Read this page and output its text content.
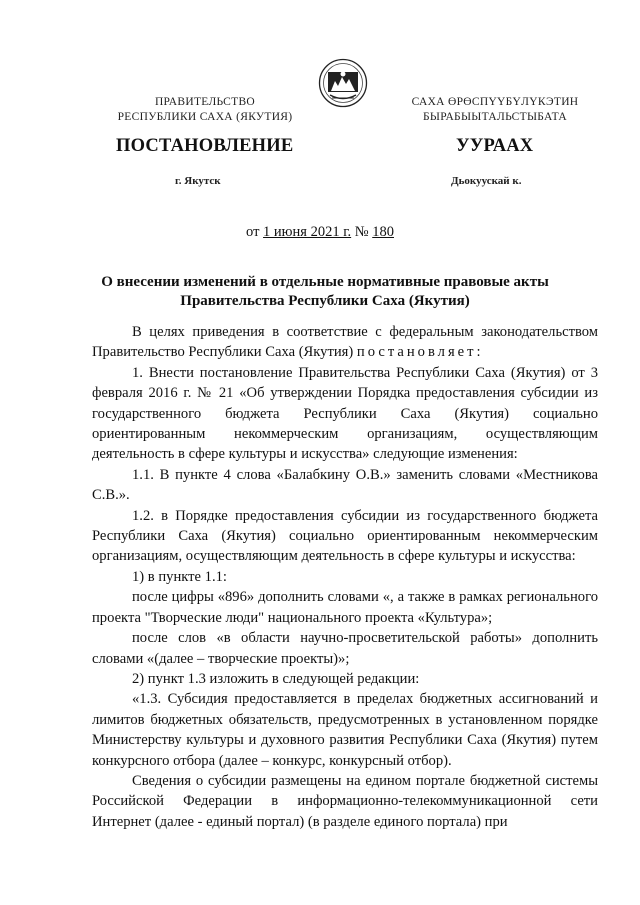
ПРАВИТЕЛЬСТВО
РЕСПУБЛИКИ САХА (ЯКУТИЯ)
САХА ӨРӨСПҮҮБҮЛҮКЭТИН
БЫРАБЫЫТАЛЬСТЫБАТА
ПОСТАНОВЛЕНИЕ	УУРААХ
г. Якутск	Дьокуускай к.
от 1 июня 2021 г. № 180
О внесении изменений в отдельные нормативные правовые акты
Правительства Республики Саха (Якутия)

В целях приведения в соответствие с федеральным законодательством Правительство Республики Саха (Якутия) постановляет:

1. Внести постановление Правительства Республики Саха (Якутия) от 3 февраля 2016 г. № 21 «Об утверждении Порядка предоставления субсидии из государственного бюджета Республики Саха (Якутия) социально ориентированным некоммерческим организациям, осуществляющим деятельность в сфере культуры и искусства» следующие изменения:

1.1. В пункте 4 слова «Балабкину О.В.» заменить словами «Местникова С.В.».

1.2. в Порядке предоставления субсидии из государственного бюджета Республики Саха (Якутия) социально ориентированным некоммерческим организациям, осуществляющим деятельность в сфере культуры и искусства:

1) в пункте 1.1:

после цифры «896» дополнить словами «, а также в рамках регионального проекта "Творческие люди" национального проекта «Культура»;

после слов «в области научно-просветительской работы» дополнить словами «(далее – творческие проекты)»;

2) пункт 1.3 изложить в следующей редакции:

«1.3. Субсидия предоставляется в пределах бюджетных ассигнований и лимитов бюджетных обязательств, предусмотренных в установленном порядке Министерству культуры и духовного развития Республики Саха (Якутия) путем конкурсного отбора (далее – конкурс, конкурсный отбор).

Сведения о субсидии размещены на едином портале бюджетной системы Российской Федерации в информационно-телекоммуникационной сети Интернет (далее - единый портал) (в разделе единого портала) при
